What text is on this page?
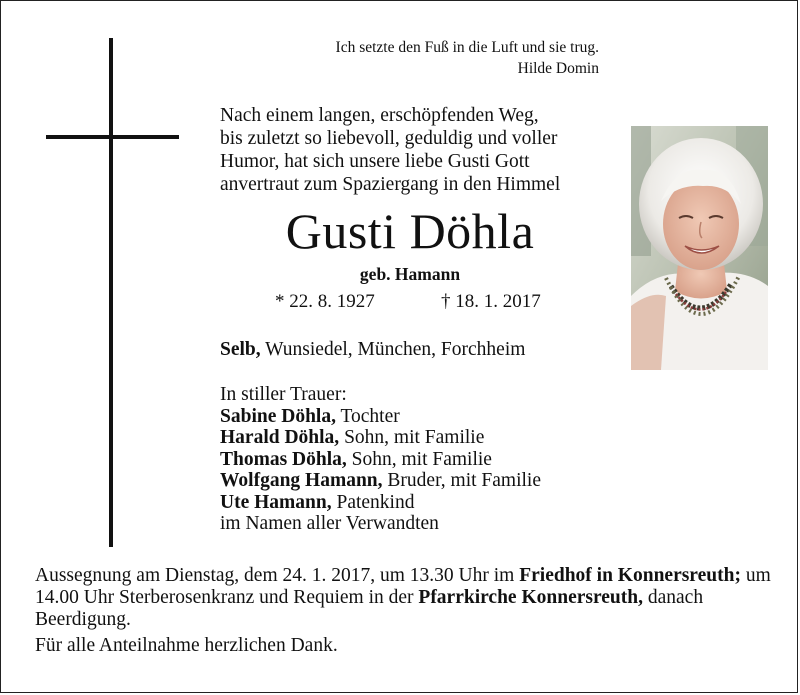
Ich setzte den Fuß in die Luft und sie trug.
Hilde Domin
Nach einem langen, erschöpfenden Weg,
bis zuletzt so liebevoll, geduldig und voller
Humor, hat sich unsere liebe Gusti Gott
anvertraut zum Spaziergang in den Himmel
Gusti Döhla
geb. Hamann
* 22. 8. 1927	† 18. 1. 2017
Selb, Wunsiedel, München, Forchheim
In stiller Trauer:
Sabine Döhla, Tochter
Harald Döhla, Sohn, mit Familie
Thomas Döhla, Sohn, mit Familie
Wolfgang Hamann, Bruder, mit Familie
Ute Hamann, Patenkind
im Namen aller Verwandten
Aussegnung am Dienstag, dem 24. 1. 2017, um 13.30 Uhr im Friedhof in Konnersreuth; um 14.00 Uhr Sterberosenkranz und Requiem in der Pfarrkirche Konnersreuth, danach Beerdigung.
Für alle Anteilnahme herzlichen Dank.
